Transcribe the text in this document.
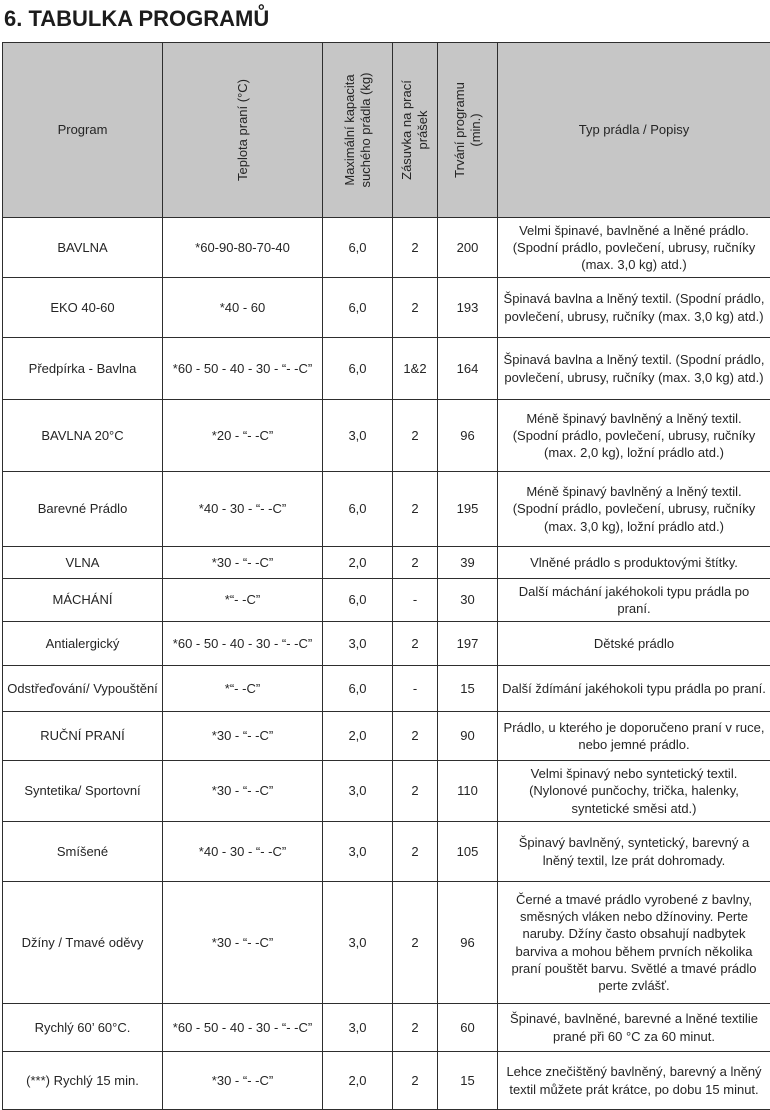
6. TABULKA PROGRAMŮ
Program	Teplota praní (°C)	Maximální kapacita suchého prádla (kg)	Zásuvka na prací prášek	Trvání programu (min.)	Typ prádla / Popisy
BAVLNA	*60-90-80-70-40	6,0	2	200	Velmi špinavé, bavlněné a lněné prádlo. (Spodní prádlo, povlečení, ubrusy, ručníky (max. 3,0 kg) atd.)
EKO 40-60	*40 - 60	6,0	2	193	Špinavá bavlna a lněný textil. (Spodní prádlo, povlečení, ubrusy, ručníky (max. 3,0 kg) atd.)
Předpírka - Bavlna	*60 - 50 - 40 - 30 - “- -C”	6,0	1&2	164	Špinavá bavlna a lněný textil. (Spodní prádlo, povlečení, ubrusy, ručníky (max. 3,0 kg) atd.)
BAVLNA 20°C	*20 - “- -C”	3,0	2	96	Méně špinavý bavlněný a lněný textil. (Spodní prádlo, povlečení, ubrusy, ručníky (max. 2,0 kg), ložní prádlo atd.)
Barevné Prádlo	*40 - 30 - “- -C”	6,0	2	195	Méně špinavý bavlněný a lněný textil. (Spodní prádlo, povlečení, ubrusy, ručníky (max. 3,0 kg), ložní prádlo atd.)
VLNA	*30 - “- -C”	2,0	2	39	Vlněné prádlo s produktovými štítky.
MÁCHÁNÍ	*“- -C”	6,0	-	30	Další máchání jakéhokoli typu prádla po praní.
Antialergický	*60 - 50 - 40 - 30 - “- -C”	3,0	2	197	Dětské prádlo
Odstřeďování/ Vypouštění	*“- -C”	6,0	-	15	Další ždímání jakéhokoli typu prádla po praní.
RUČNÍ PRANÍ	*30 - “- -C”	2,0	2	90	Prádlo, u kterého je doporučeno praní v ruce, nebo jemné prádlo.
Syntetika/ Sportovní	*30 - “- -C”	3,0	2	110	Velmi špinavý nebo syntetický textil. (Nylonové punčochy, trička, halenky, syntetické směsi atd.)
Smíšené	*40 - 30 - “- -C”	3,0	2	105	Špinavý bavlněný, syntetický, barevný a lněný textil, lze prát dohromady.
Džíny / Tmavé oděvy	*30 - “- -C”	3,0	2	96	Černé a tmavé prádlo vyrobené z bavlny, směsných vláken nebo džínoviny. Perte naruby. Džíny často obsahují nadbytek barviva a mohou během prvních několika praní pouštět barvu. Světlé a tmavé prádlo perte zvlášť.
Rychlý 60’ 60°C.	*60 - 50 - 40 - 30 - “- -C”	3,0	2	60	Špinavé, bavlněné, barevné a lněné textilie prané při 60 °C za 60 minut.
(***) Rychlý 15 min.	*30 - “- -C”	2,0	2	15	Lehce znečištěný bavlněný, barevný a lněný textil můžete prát krátce, po dobu 15 minut.
